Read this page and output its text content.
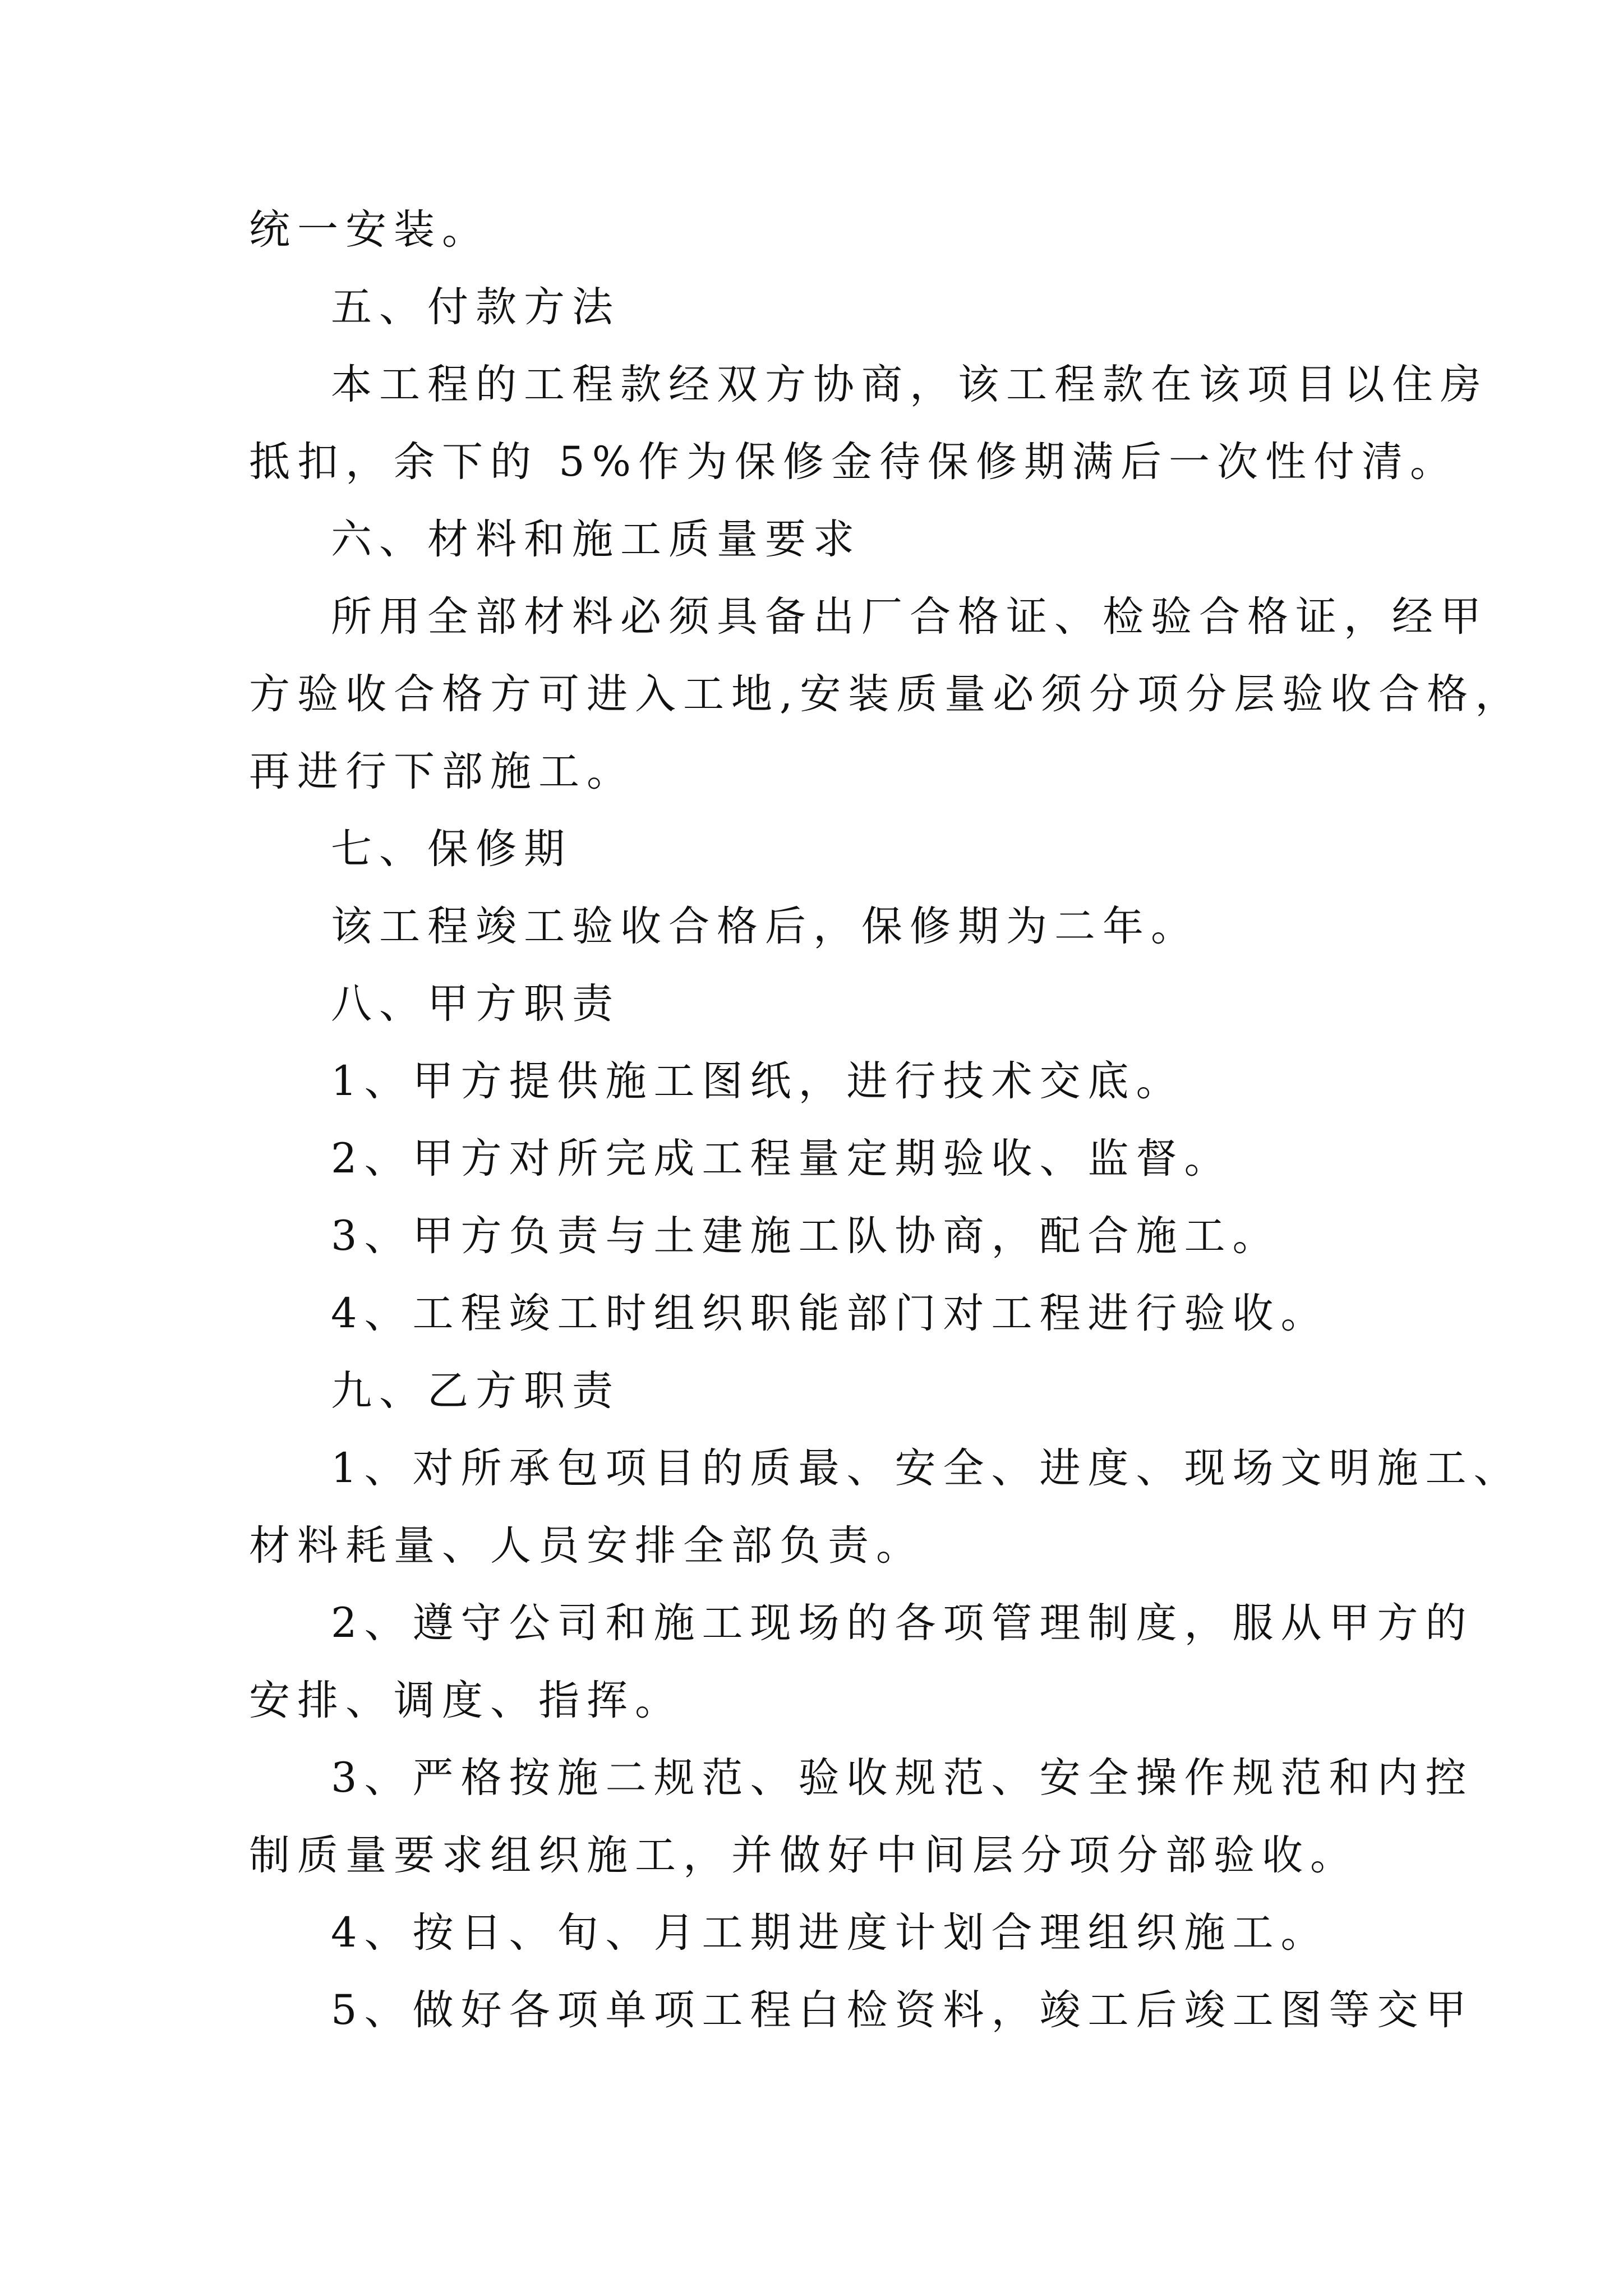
统一安装。
五、付款方法
本工程的工程款经双方协商，该工程款在该项目以住房
抵扣，余下的 5%作为保修金待保修期满后一次性付清。
六、材料和施工质量要求
所用全部材料必须具备出厂合格证、检验合格证，经甲
方验收合格方可进入工地,安装质量必须分项分层验收合格，
再进行下部施工。
七、保修期
该工程竣工验收合格后，保修期为二年。
八、甲方职责
1、甲方提供施工图纸，进行技术交底。
2、甲方对所完成工程量定期验收、监督。
3、甲方负责与土建施工队协商，配合施工。
4、工程竣工时组织职能部门对工程进行验收。
九、乙方职责
1、对所承包项目的质最、安全、进度、现场文明施工、
材料耗量、人员安排全部负责。
2、遵守公司和施工现场的各项管理制度，服从甲方的
安排、调度、指挥。
3、严格按施二规范、验收规范、安全操作规范和内控
制质量要求组织施工，并做好中间层分项分部验收。
4、按日、旬、月工期进度计划合理组织施工。
5、做好各项单项工程白检资料，竣工后竣工图等交甲
